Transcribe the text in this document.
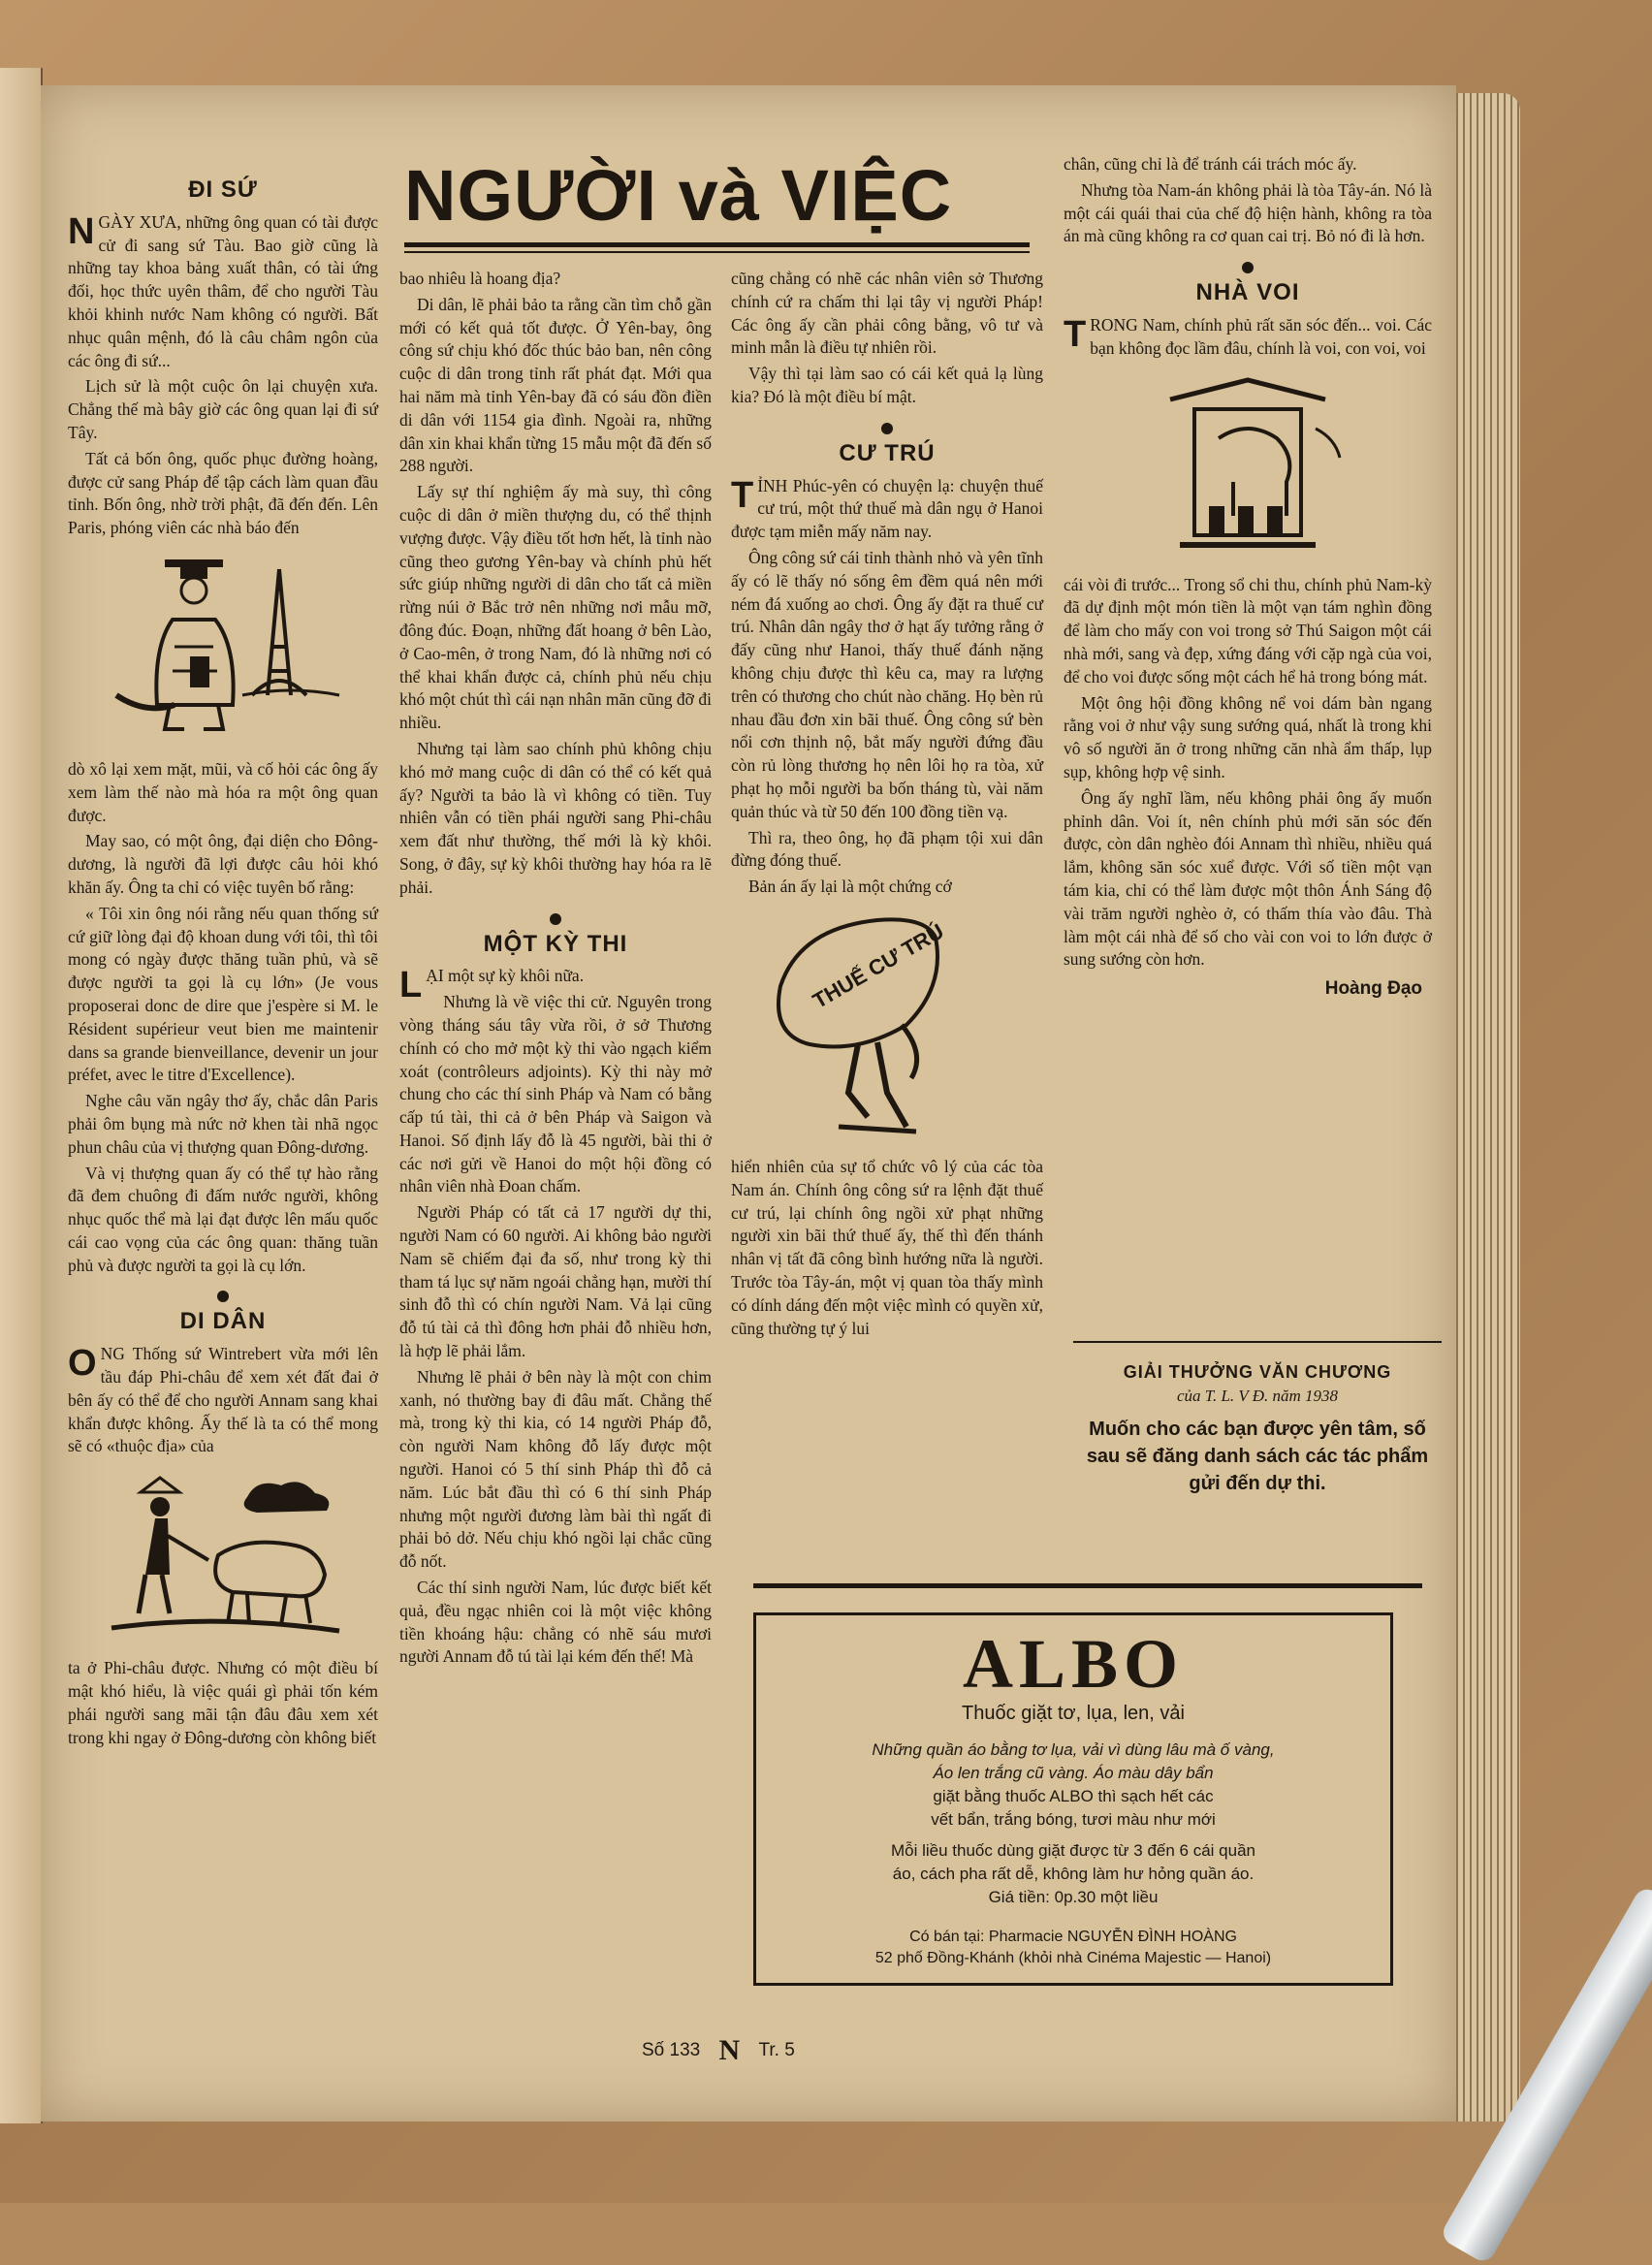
NGƯỜI và VIỆC
ĐI SỨ

NGÀY XƯA, những ông quan có tài được cử đi sang sứ Tàu. Bao giờ cũng là những tay khoa bảng xuất thân, có tài ứng đối, học thức uyên thâm, để cho người Tàu khỏi khinh nước Nam không có người. Bất nhục quân mệnh, đó là câu châm ngôn của các ông đi sứ...

Lịch sử là một cuộc ôn lại chuyện xưa. Chẳng thế mà bây giờ các ông quan lại đi sứ Tây.

Tất cả bốn ông, quốc phục đường hoàng, được cử sang Pháp để tập cách làm quan đầu tỉnh. Bốn ông, nhờ trời phật, đã đến đến. Lên Paris, phóng viên các nhà báo đến

dò xô lại xem mặt, mũi, và cố hỏi các ông ấy xem làm thế nào mà hóa ra một ông quan được.

May sao, có một ông, đại diện cho Đông-dương, là người đã lợi được câu hỏi khó khăn ấy. Ông ta chỉ có việc tuyên bố rằng:

« Tôi xin ông nói rằng nếu quan thống sứ cứ giữ lòng đại độ khoan dung với tôi, thì tôi mong có ngày được thăng tuần phủ, và sẽ được người ta gọi là cụ lớn» (Je vous proposerai donc de dire que j'espère si M. le Résident supérieur veut bien me maintenir dans sa grande bienveillance, devenir un jour préfet, avec le titre d'Excellence).

Nghe câu văn ngây thơ ấy, chắc dân Paris phải ôm bụng mà nức nở khen tài nhã ngọc phun châu của vị thượng quan Đông-dương.

Và vị thượng quan ấy có thể tự hào rằng đã đem chuông đi đấm nước người, không nhục quốc thể mà lại đạt được lên mấu quốc cái cao vọng của các ông quan: thăng tuần phủ và được người ta gọi là cụ lớn.

DI DÂN

ONG Thống sứ Wintrebert vừa mới lên tầu đáp Phi-châu để xem xét đất đai ở bên ấy có thể để cho người Annam sang khai khẩn được không. Ấy thế là ta có thể mong sẽ có «thuộc địa» của

ta ở Phi-châu được. Nhưng có một điều bí mật khó hiểu, là việc quái gì phải tốn kém phái người sang mãi tận đâu đâu xem xét trong khi ngay ở Đông-dương còn không biết

bao nhiêu là hoang địa?

Di dân, lẽ phải bảo ta rằng cần tìm chỗ gần mới có kết quả tốt được. Ở Yên-bay, ông công sứ chịu khó đốc thúc bảo ban, nên công cuộc di dân trong tỉnh rất phát đạt. Mới qua hai năm mà tỉnh Yên-bay đã có sáu đồn điền di dân với 1154 gia đình. Ngoài ra, những dân xin khai khẩn từng 15 mẫu một đã đến số 288 người.

Lấy sự thí nghiệm ấy mà suy, thì công cuộc di dân ở miền thượng du, có thể thịnh vượng được. Vậy điều tốt hơn hết, là tỉnh nào cũng theo gương Yên-bay và chính phủ hết sức giúp những người di dân cho tất cả miền rừng núi ở Bắc trở nên những nơi mẫu mỡ, đông đúc. Đoạn, những đất hoang ở bên Lào, ở Cao-mên, ở trong Nam, đó là những nơi có thể khai khẩn được cả, chính phủ nếu chịu khó một chút thì cái nạn nhân mãn cũng đỡ đi nhiều.

Nhưng tại làm sao chính phủ không chịu khó mở mang cuộc di dân có thể có kết quả ấy? Người ta bảo là vì không có tiền. Tuy nhiên vẫn có tiền phái người sang Phi-châu xem đất như thường, thế mới là kỳ khôi. Song, ở đây, sự kỳ khôi thường hay hóa ra lẽ phải.

MỘT KỲ THI

LẠI một sự kỳ khôi nữa.

Nhưng là về việc thi cử. Nguyên trong vòng tháng sáu tây vừa rồi, ở sở Thương chính có cho mở một kỳ thi vào ngạch kiểm xoát (contrôleurs adjoints). Kỳ thi này mở chung cho các thí sinh Pháp và Nam có bằng cấp tú tài, thi cả ở bên Pháp và Saigon và Hanoi. Số định lấy đỗ là 45 người, bài thi ở các nơi gửi về Hanoi do một hội đồng có nhân viên nhà Đoan chấm.

Người Pháp có tất cả 17 người dự thi, người Nam có 60 người. Ai không bảo người Nam sẽ chiếm đại đa số, như trong kỳ thi tham tá lục sự năm ngoái chẳng hạn, mười thí sinh đỗ thì có chín người Nam. Vả lại cũng đỗ tú tài cả thì đông hơn phải đỗ nhiều hơn, là hợp lẽ phải lắm.

Nhưng lẽ phải ở bên này là một con chim xanh, nó thường bay đi đâu mất. Chẳng thế mà, trong kỳ thi kia, có 14 người Pháp đỗ, còn người Nam không đỗ lấy được một người. Hanoi có 5 thí sinh Pháp thì đỗ cả năm. Lúc bắt đầu thì có 6 thí sinh Pháp nhưng một người đương làm bài thì ngất đi phải bỏ dở. Nếu chịu khó ngồi lại chắc cũng đỗ nốt.

Các thí sinh người Nam, lúc được biết kết quả, đều ngạc nhiên coi là một việc không tiền khoáng hậu: chẳng có nhẽ sáu mươi người Annam đỗ tú tài lại kém đến thế! Mà

cũng chẳng có nhẽ các nhân viên sở Thương chính cứ ra chấm thi lại tây vị người Pháp! Các ông ấy cần phải công bằng, vô tư và minh mẫn là điều tự nhiên rồi.

Vậy thì tại làm sao có cái kết quả lạ lùng kia? Đó là một điều bí mật.

CƯ TRÚ

TỈNH Phúc-yên có chuyện lạ: chuyện thuế cư trú, một thứ thuế mà dân ngụ ở Hanoi được tạm miễn mấy năm nay.

Ông công sứ cái tỉnh thành nhỏ và yên tĩnh ấy có lẽ thấy nó sống êm đềm quá nên mới ném đá xuống ao chơi. Ông ấy đặt ra thuế cư trú. Nhân dân ngây thơ ở hạt ấy tưởng rằng ở đấy cũng như Hanoi, thấy thuế đánh nặng không chịu được thì kêu ca, may ra lượng trên có thương cho chút nào chăng. Họ bèn rủ nhau đầu đơn xin bãi thuế. Ông công sứ bèn nổi cơn thịnh nộ, bắt mấy người đứng đầu còn rủ lòng thương họ nên lôi họ ra tòa, xử phạt họ mỗi người ba bốn tháng tù, vài năm quản thúc và từ 50 đến 100 đồng tiền vạ.

Thì ra, theo ông, họ đã phạm tội xui dân đừng đóng thuế.

Bản án ấy lại là một chứng cớ

THUẾ CƯ TRÚ

hiển nhiên của sự tổ chức vô lý của các tòa Nam án. Chính ông công sứ ra lệnh đặt thuế cư trú, lại chính ông ngồi xử phạt những người xin bãi thứ thuế ấy, thế thì đến thánh nhân vị tất đã công bình hướng nữa là người. Trước tòa Tây-án, một vị quan tòa thấy mình có dính dáng đến một việc mình có quyền xử, cũng thường tự ý lui

chân, cũng chỉ là để tránh cái trách móc ấy.

Nhưng tòa Nam-án không phải là tòa Tây-án. Nó là một cái quái thai của chế độ hiện hành, không ra tòa án mà cũng không ra cơ quan cai trị. Bỏ nó đi là hơn.

NHÀ VOI

TRONG Nam, chính phủ rất săn sóc đến... voi. Các bạn không đọc lầm đâu, chính là voi, con voi, voi

cái vòi đi trước... Trong sổ chi thu, chính phủ Nam-kỳ đã dự định một món tiền là một vạn tám nghìn đồng để làm cho mấy con voi trong sở Thú Saigon một cái nhà mới, sang và đẹp, xứng đáng với cặp ngà của voi, để cho voi được sống một cách hể hả trong bóng mát.

Một ông hội đồng không nể voi dám bàn ngang rằng voi ở như vậy sung sướng quá, nhất là trong khi vô số người ăn ở trong những căn nhà ẩm thấp, lụp sụp, không hợp vệ sinh.

Ông ấy nghĩ lầm, nếu không phải ông ấy muốn phỉnh dân. Voi ít, nên chính phủ mới săn sóc đến được, còn dân nghèo đói Annam thì nhiều, nhiều quá lắm, không săn sóc xuể được. Với số tiền một vạn tám kia, chỉ có thể làm được một thôn Ánh Sáng độ vài trăm người nghèo ở, có thấm thía vào đâu. Thà làm một cái nhà để số cho vài con voi to lớn được ở sung sướng còn hơn.

Hoàng Đạo
GIẢI THƯỞNG VĂN CHƯƠNG
của T. L. V Đ. năm 1938
Muốn cho các bạn được yên tâm, số sau sẽ đăng danh sách các tác phẩm gửi đến dự thi.
ALBO
Thuốc giặt tơ, lụa, len, vải
Những quần áo bằng tơ lụa, vải vì dùng lâu mà ố vàng,
Áo len trắng cũ vàng. Áo màu dây bẩn
giặt bằng thuốc ALBO thì sạch hết các
vết bẩn, trắng bóng, tươi màu như mới
Mỗi liều thuốc dùng giặt được từ 3 đến 6 cái quần
áo, cách pha rất dễ, không làm hư hỏng quần áo.
Giá tiền: 0p.30 một liều
Có bán tại: Pharmacie NGUYỄN ĐÌNH HOÀNG
52 phố Đồng-Khánh (khỏi nhà Cinéma Majestic — Hanoi)
Số 133 N Tr. 5
